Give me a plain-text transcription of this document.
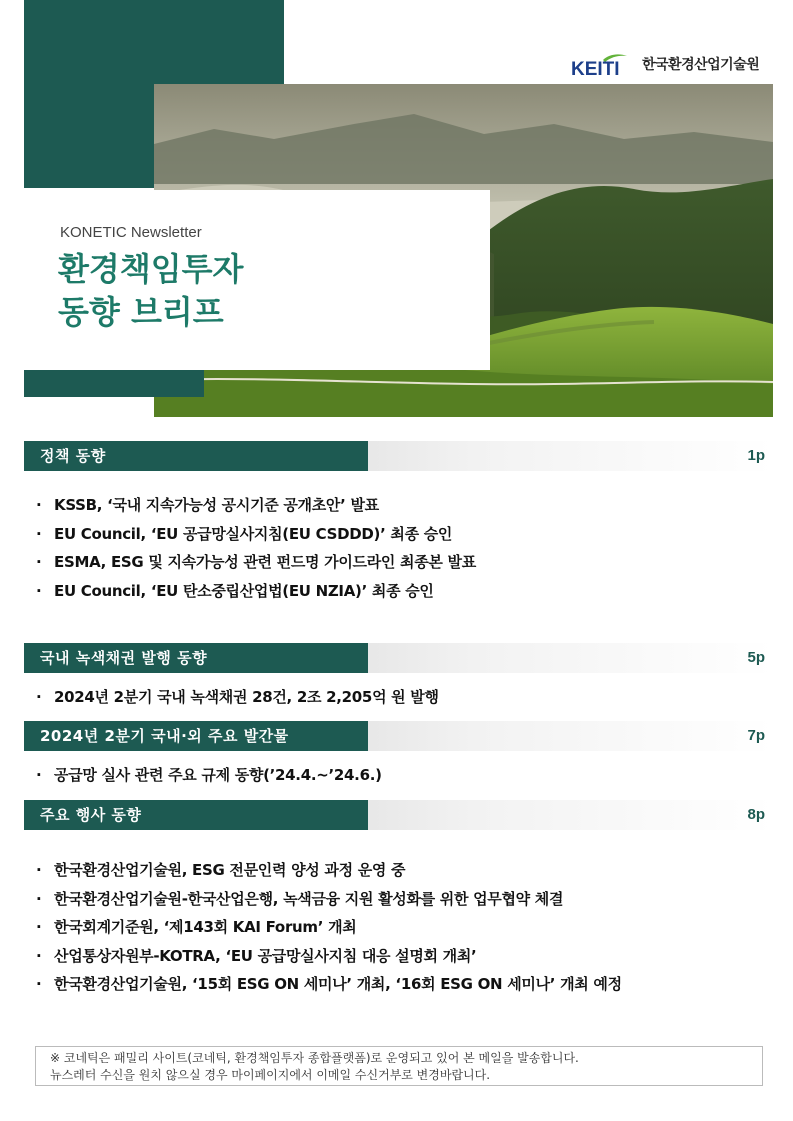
KONETIC Newsletter
환경책임투자
동향 브리프
KEITI 한국환경산업기술원
정책 동향	1p
· KSSB, ‘국내 지속가능성 공시기준 공개초안’ 발표
· EU Council, ‘EU 공급망실사지침(EU CSDDD)’ 최종 승인
· ESMA, ESG 및 지속가능성 관련 펀드명 가이드라인 최종본 발표
· EU Council, ‘EU 탄소중립산업법(EU NZIA)’ 최종 승인
국내 녹색채권 발행 동향	5p
· 2024년 2분기 국내 녹색채권 28건, 2조 2,205억 원 발행
2024년 2분기 국내·외 주요 발간물	7p
· 공급망 실사 관련 주요 규제 동향(’24.4.~’24.6.)
주요 행사 동향	8p
· 한국환경산업기술원, ESG 전문인력 양성 과정 운영 중
· 한국환경산업기술원-한국산업은행, 녹색금융 지원 활성화를 위한 업무협약 체결
· 한국회계기준원, ‘제143회 KAI Forum’ 개최
· 산업통상자원부-KOTRA, ‘EU 공급망실사지침 대응 설명회 개최’
· 한국환경산업기술원, ‘15회 ESG ON 세미나’ 개최, ‘16회 ESG ON 세미나’ 개최 예정
※ 코네틱은 패밀리 사이트(코네틱, 환경책임투자 종합플랫폼)로 운영되고 있어 본 메일을 발송합니다.
뉴스레터 수신을 원치 않으실 경우 마이페이지에서 이메일 수신거부로 변경바랍니다.
